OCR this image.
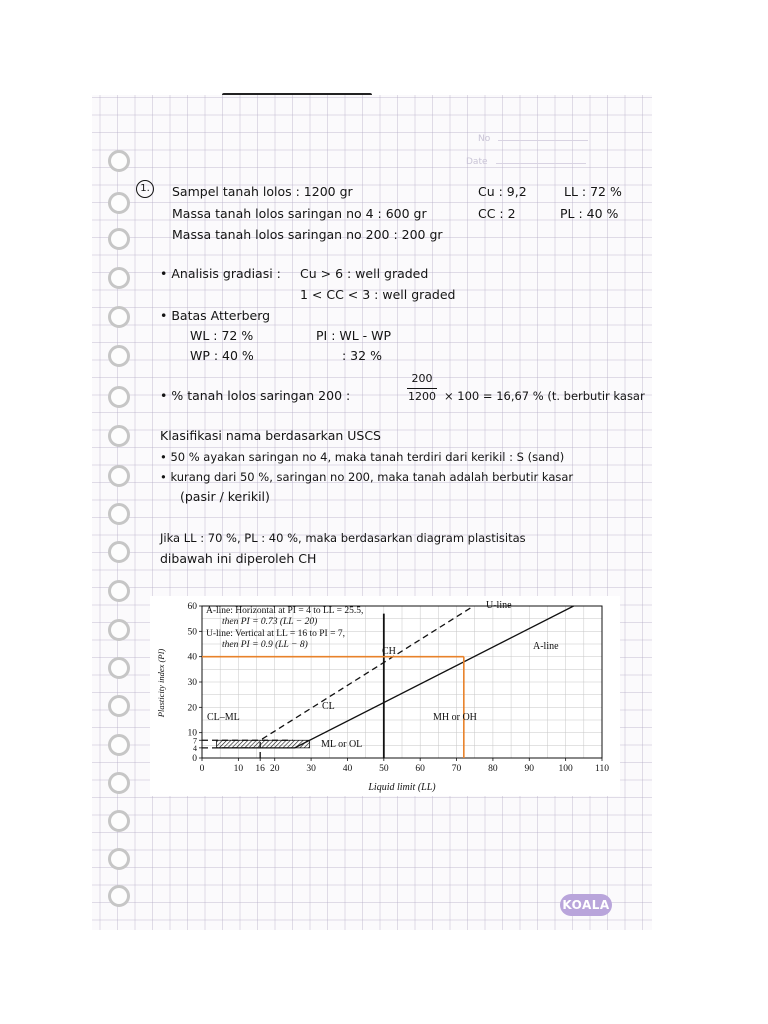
No
Date
1.	Sampel tanah lolos : 1200 gr
Massa tanah lolos saringan no 4 : 600 gr
Massa tanah lolos saringan no 200 : 200 gr
Cu : 9,2	LL : 72 %
CC : 2	PL : 40 %
• Analisis gradiasi : Cu > 6 : well graded
1 < CC < 3 : well graded
• Batas Atterberg
WL : 72 %
WP : 40 %
PI : WL - WP
: 32 %
• % tanah lolos saringan 200 :
200
1200 × 100 = 16,67 % (t. berbutir kasar
Klasifikasi nama berdasarkan USCS
• 50 % ayakan saringan no 4, maka tanah terdiri dari kerikil : S (sand)
• kurang dari 50 %, saringan no 200, maka tanah adalah berbutir kasar
(pasir / kerikil)
Jika LL : 70 %, PL : 40 %, maka berdasarkan diagram plastisitas
dibawah ini diperoleh CH
0	10 16 20	30	40	50	60	70	80	90	100 110
0
4
7
10
20
30
40
50
60 A-line: Horizontal at PI = 4 to LL = 25.5,
then PI = 0.73 (LL − 20)
U-line: Vertical at LL = 16 to PI = 7,
then PI = 0.9 (LL − 8)
CH
CL
CL–ML	MH or OH
ML or OL
U-line
A-line
Liquid limit (LL)
Plasticity index (PI)
KOALA
